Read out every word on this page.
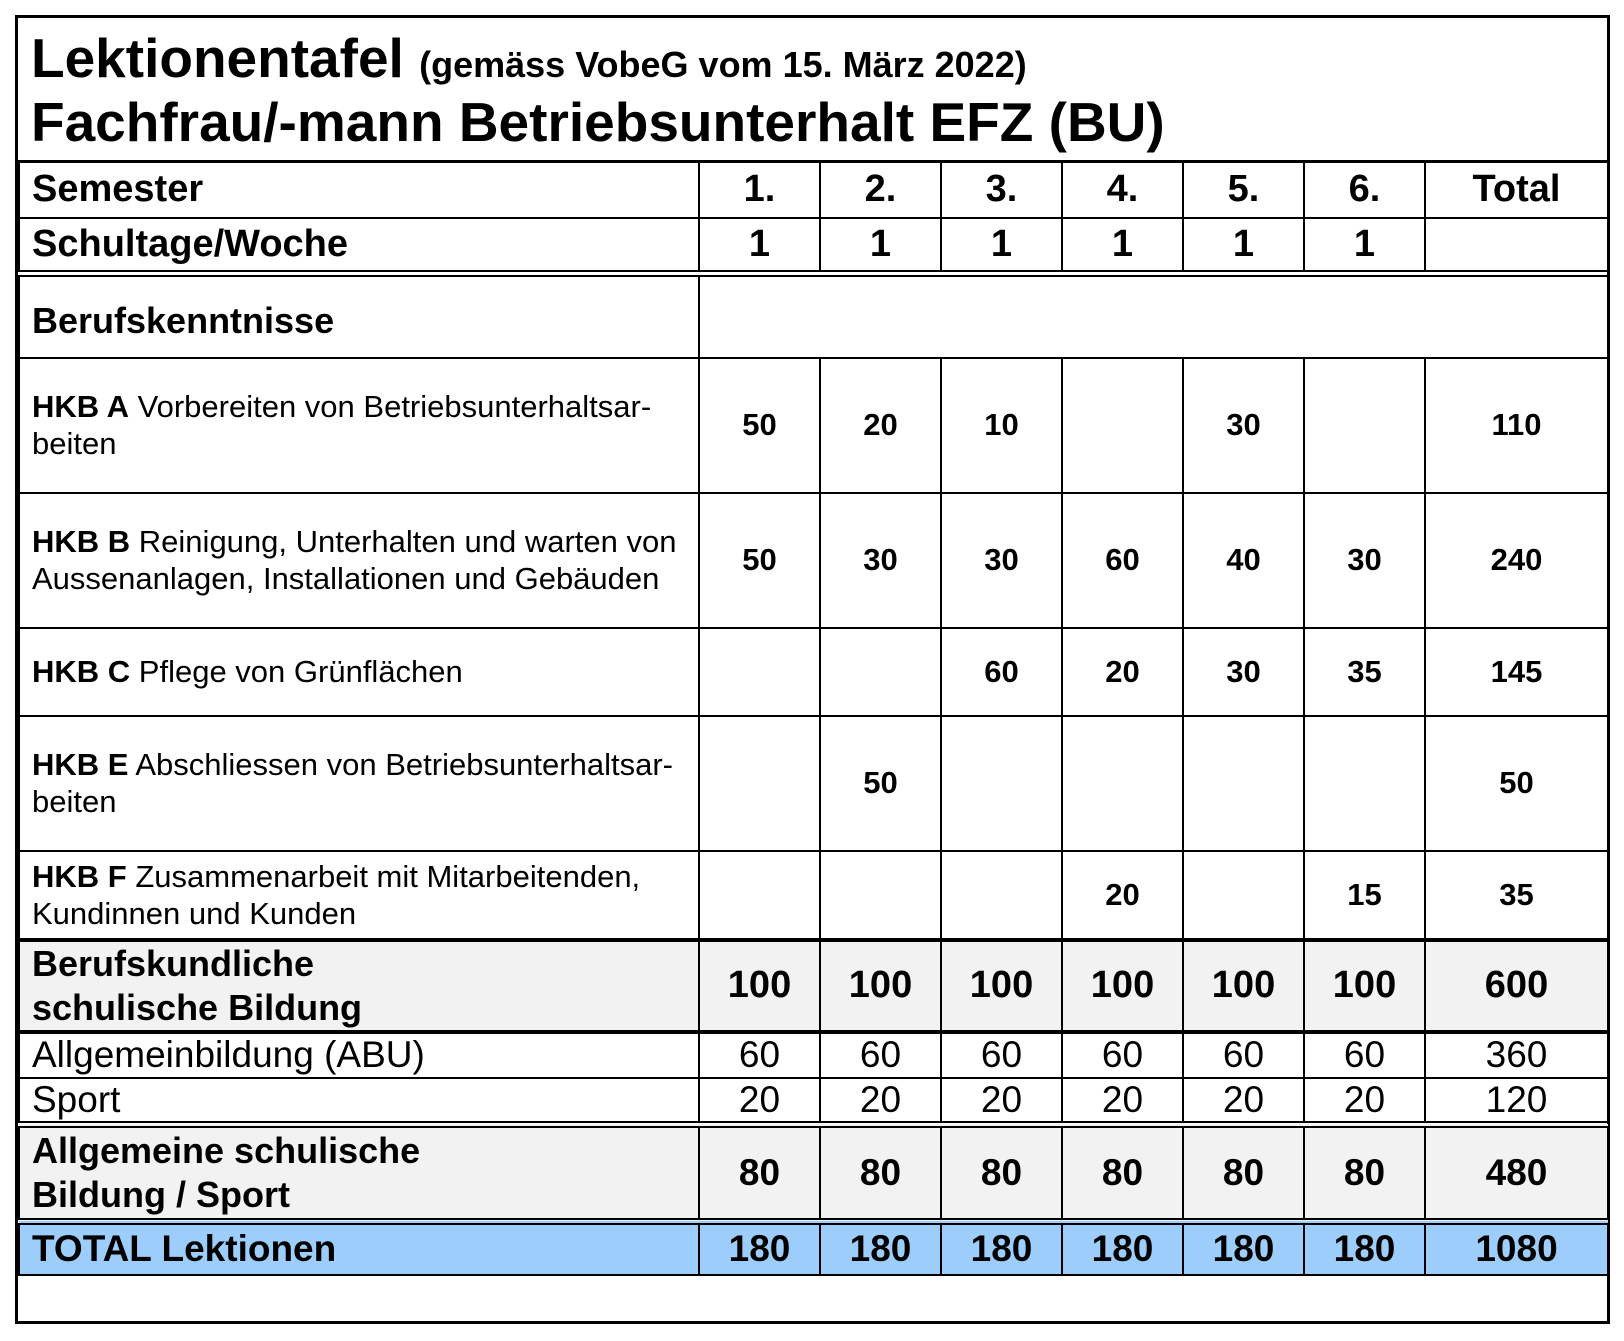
Lektionentafel (gemäss VobeG vom 15. März 2022)
Fachfrau/-mann Betriebsunterhalt EFZ (BU)
Semester	1.	2.	3.	4.	5.	6.	Total
Schultage/Woche	1	1	1	1	1	1	
Berufskenntnisse							
HKB A Vorbereiten von Betriebsunterhaltsar-
beiten	50	20	10		30		110
HKB B Reinigung, Unterhalten und warten von
Aussenanlagen, Installationen und Gebäuden	50	30	30	60	40	30	240
HKB C Pflege von Grünflächen			60	20	30	35	145
HKB E Abschliessen von Betriebsunterhaltsar-
beiten		50					50
HKB F Zusammenarbeit mit Mitarbeitenden,
Kundinnen und Kunden				20		15	35
Berufskundliche
schulische Bildung	100	100	100	100	100	100	600
Allgemeinbildung (ABU)	60	60	60	60	60	60	360
Sport	20	20	20	20	20	20	120
Allgemeine schulische
Bildung / Sport	80	80	80	80	80	80	480
TOTAL Lektionen	180	180	180	180	180	180	1080
